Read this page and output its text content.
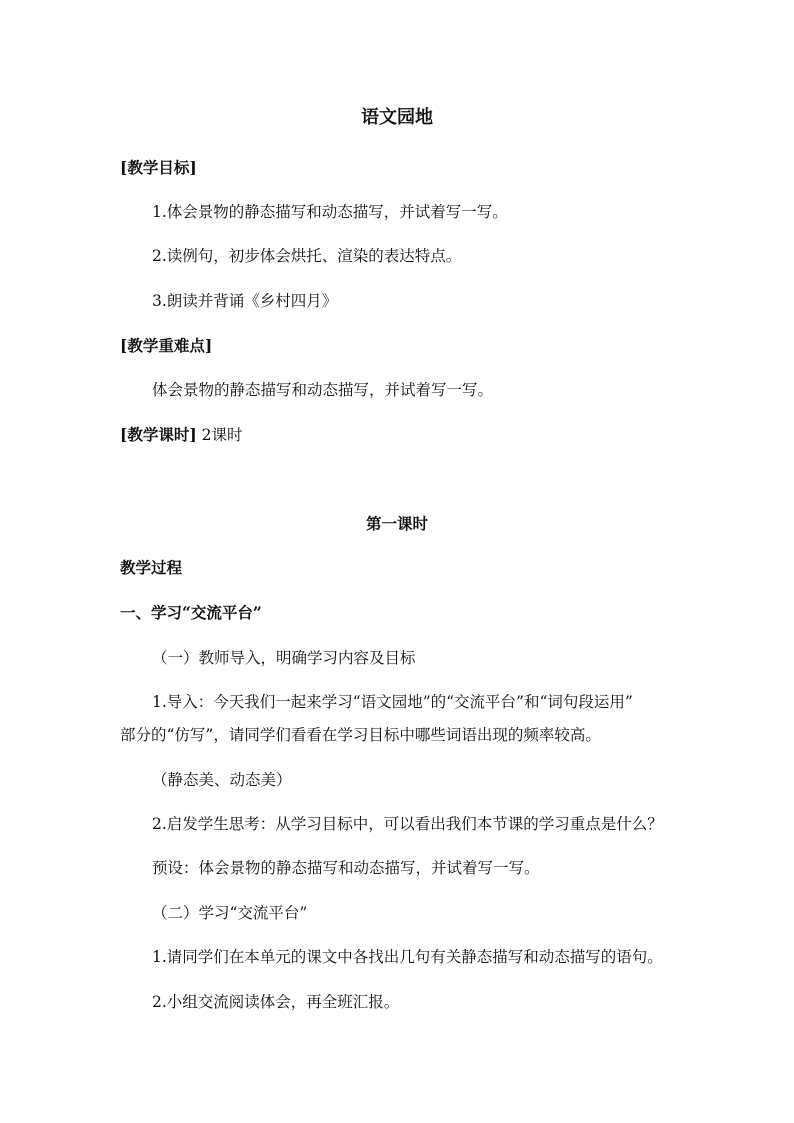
语文园地
[教学目标]
1.体会景物的静态描写和动态描写，并试着写一写。
2.读例句，初步体会烘托、渲染的表达特点。
3.朗读并背诵《乡村四月》
[教学重难点]
体会景物的静态描写和动态描写，并试着写一写。
[教学课时] 2课时
第一课时
教学过程
一、学习“交流平台”
（一）教师导入，明确学习内容及目标
1.导入：今天我们一起来学习“语文园地”的“交流平台”和“词句段运用”
部分的“仿写”，请同学们看看在学习目标中哪些词语出现的频率较高。
（静态美、动态美）
2.启发学生思考：从学习目标中，可以看出我们本节课的学习重点是什么？
预设：体会景物的静态描写和动态描写，并试着写一写。
（二）学习“交流平台”
1.请同学们在本单元的课文中各找出几句有关静态描写和动态描写的语句。
2.小组交流阅读体会，再全班汇报。
